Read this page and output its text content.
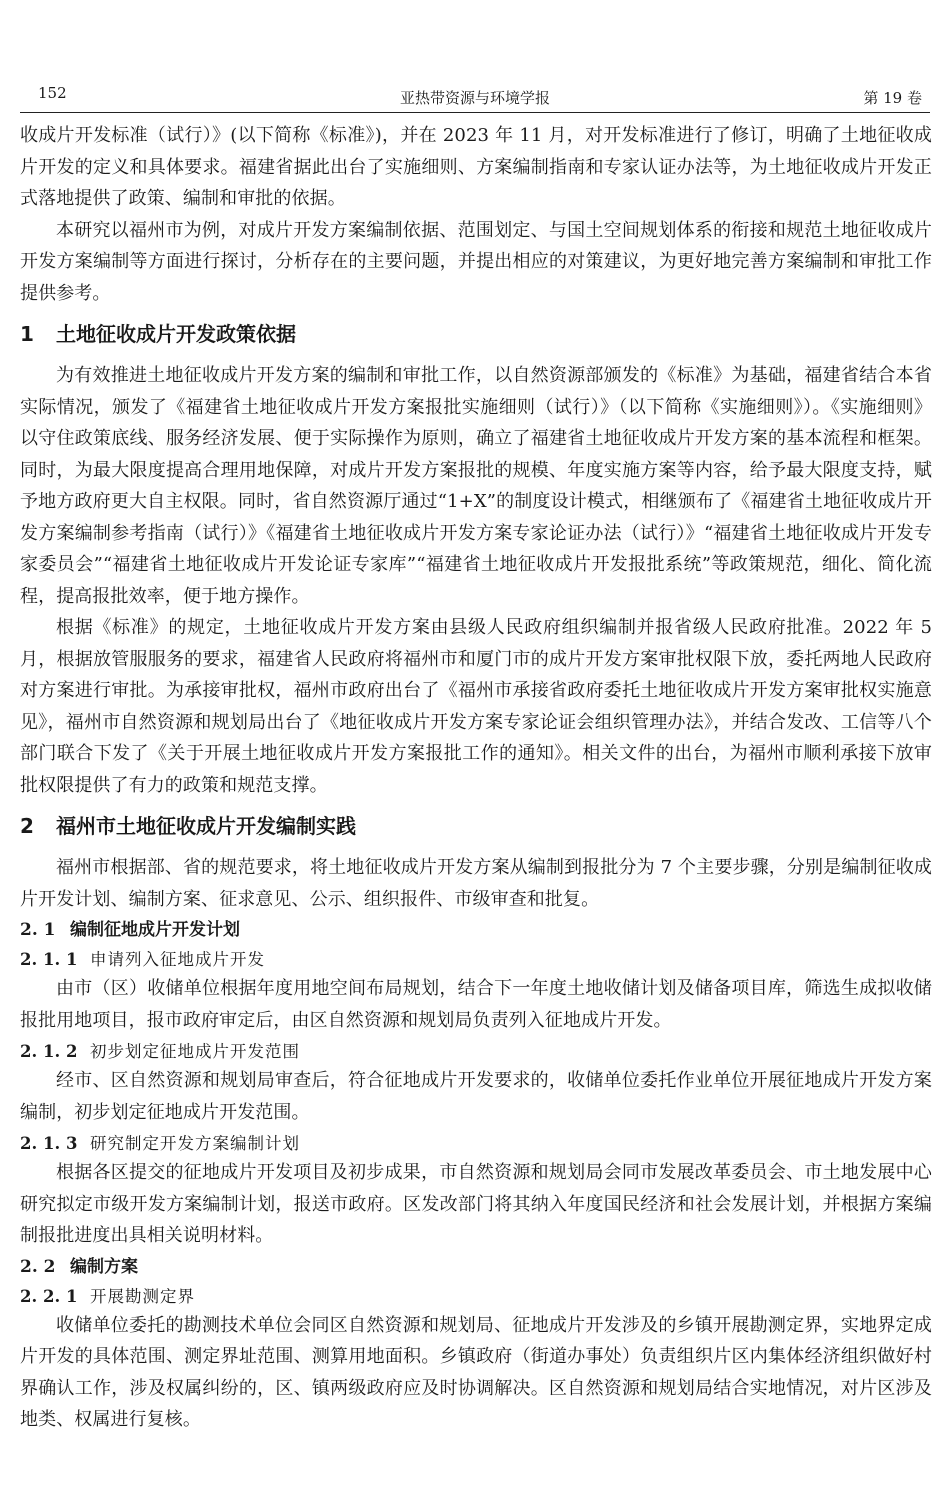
152	亚热带资源与环境学报	第 19 卷

收成片开发标准（试行）》(以下简称《标准》)，并在 2023 年 11 月，对开发标准进行了修订，明确了土地征收成片开发的定义和具体要求。福建省据此出台了实施细则、方案编制指南和专家认证办法等，为土地征收成片开发正式落地提供了政策、编制和审批的依据。

本研究以福州市为例，对成片开发方案编制依据、范围划定、与国土空间规划体系的衔接和规范土地征收成片开发方案编制等方面进行探讨，分析存在的主要问题，并提出相应的对策建议，为更好地完善方案编制和审批工作提供参考。

1 土地征收成片开发政策依据

为有效推进土地征收成片开发方案的编制和审批工作，以自然资源部颁发的《标准》为基础，福建省结合本省实际情况，颁发了《福建省土地征收成片开发方案报批实施细则（试行）》（以下简称《实施细则》）。《实施细则》以守住政策底线、服务经济发展、便于实际操作为原则，确立了福建省土地征收成片开发方案的基本流程和框架。同时，为最大限度提高合理用地保障，对成片开发方案报批的规模、年度实施方案等内容，给予最大限度支持，赋予地方政府更大自主权限。同时，省自然资源厅通过“1+X”的制度设计模式，相继颁布了《福建省土地征收成片开发方案编制参考指南（试行）》《福建省土地征收成片开发方案专家论证办法（试行）》“福建省土地征收成片开发专家委员会”“福建省土地征收成片开发论证专家库”“福建省土地征收成片开发报批系统”等政策规范，细化、简化流程，提高报批效率，便于地方操作。

根据《标准》的规定，土地征收成片开发方案由县级人民政府组织编制并报省级人民政府批准。2022 年 5 月，根据放管服服务的要求，福建省人民政府将福州市和厦门市的成片开发方案审批权限下放，委托两地人民政府对方案进行审批。为承接审批权，福州市政府出台了《福州市承接省政府委托土地征收成片开发方案审批权实施意见》，福州市自然资源和规划局出台了《地征收成片开发方案专家论证会组织管理办法》，并结合发改、工信等八个部门联合下发了《关于开展土地征收成片开发方案报批工作的通知》。相关文件的出台，为福州市顺利承接下放审批权限提供了有力的政策和规范支撑。

2 福州市土地征收成片开发编制实践

福州市根据部、省的规范要求，将土地征收成片开发方案从编制到报批分为 7 个主要步骤，分别是编制征收成片开发计划、编制方案、征求意见、公示、组织报件、市级审查和批复。

2. 1 编制征地成片开发计划
2. 1. 1 申请列入征地成片开发

由市（区）收储单位根据年度用地空间布局规划，结合下一年度土地收储计划及储备项目库，筛选生成拟收储报批用地项目，报市政府审定后，由区自然资源和规划局负责列入征地成片开发。

2. 1. 2 初步划定征地成片开发范围

经市、区自然资源和规划局审查后，符合征地成片开发要求的，收储单位委托作业单位开展征地成片开发方案编制，初步划定征地成片开发范围。

2. 1. 3 研究制定开发方案编制计划

根据各区提交的征地成片开发项目及初步成果，市自然资源和规划局会同市发展改革委员会、市土地发展中心研究拟定市级开发方案编制计划，报送市政府。区发改部门将其纳入年度国民经济和社会发展计划，并根据方案编制报批进度出具相关说明材料。

2. 2 编制方案
2. 2. 1 开展勘测定界

收储单位委托的勘测技术单位会同区自然资源和规划局、征地成片开发涉及的乡镇开展勘测定界，实地界定成片开发的具体范围、测定界址范围、测算用地面积。乡镇政府（街道办事处）负责组织片区内集体经济组织做好村界确认工作，涉及权属纠纷的，区、镇两级政府应及时协调解决。区自然资源和规划局结合实地情况，对片区涉及地类、权属进行复核。
